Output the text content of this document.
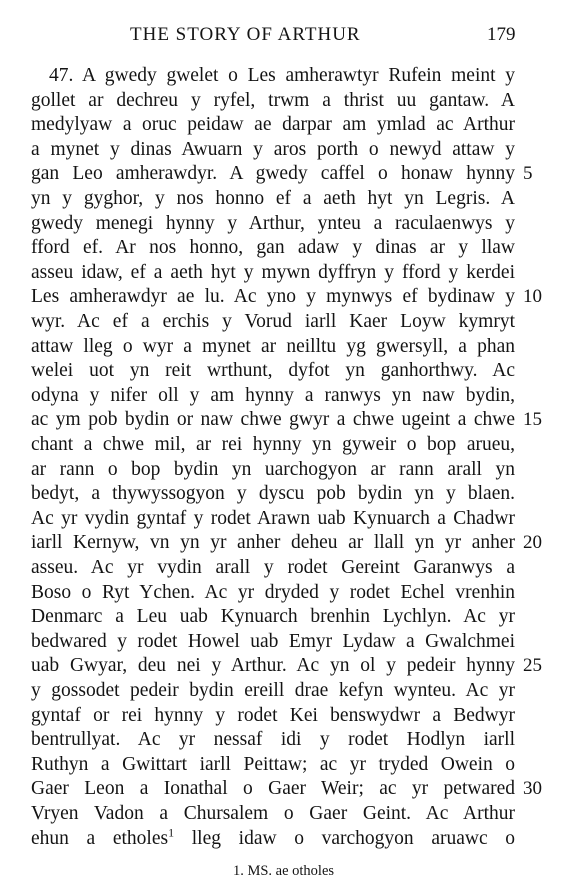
THE STORY OF ARTHUR	179
47. A gwedy gwelet o Les amherawtyr Rufein meint y
gollet ar dechreu y ryfel, trwm a thrist uu gantaw. A
medylyaw a oruc peidaw ae darpar am ymlad ac Arthur
a mynet y dinas Awuarn y aros porth o newyd attaw y
gan Leo amherawdyr. A gwedy caffel o honaw hynny
yn y gyghor, y nos honno ef a aeth hyt yn Legris. A
gwedy menegi hynny y Arthur, ynteu a raculaenwys y
fford ef. Ar nos honno, gan adaw y dinas ar y llaw
asseu idaw, ef a aeth hyt y mywn dyffryn y fford y kerdei
Les amherawdyr ae lu. Ac yno y mynwys ef bydinaw y
wyr. Ac ef a erchis y Vorud iarll Kaer Loyw kymryt
attaw lleg o wyr a mynet ar neilltu yg gwersyll, a phan
welei uot yn reit wrthunt, dyfot yn ganhorthwy. Ac
odyna y nifer oll y am hynny a ranwys yn naw bydin,
ac ym pob bydin or naw chwe gwyr a chwe ugeint a chwe
chant a chwe mil, ar rei hynny yn gyweir o bop arueu,
ar rann o bop bydin yn uarchogyon ar rann arall yn
bedyt, a thywyssogyon y dyscu pob bydin yn y blaen.
Ac yr vydin gyntaf y rodet Arawn uab Kynuarch a Chadwr
iarll Kernyw, vn yn yr anher deheu ar llall yn yr anher
asseu. Ac yr vydin arall y rodet Gereint Garanwys a
Boso o Ryt Ychen. Ac yr dryded y rodet Echel vrenhin
Denmarc a Leu uab Kynuarch brenhin Lychlyn. Ac yr
bedwared y rodet Howel uab Emyr Lydaw a Gwalchmei
uab Gwyar, deu nei y Arthur. Ac yn ol y pedeir hynny
y gossodet pedeir bydin ereill drae kefyn wynteu. Ac yr
gyntaf or rei hynny y rodet Kei benswydwr a Bedwyr
bentrullyat. Ac yr nessaf idi y rodet Hodlyn iarll
Ruthyn a Gwittart iarll Peittaw; ac yr tryded Owein o
Gaer Leon a Ionathal o Gaer Weir; ac yr petwared
Vryen Vadon a Chursalem o Gaer Geint. Ac Arthur
ehun a etholes$^1$ lleg idaw o varchogyon aruawc o
5
10
15
20
25
30
1. MS. ae otholes
